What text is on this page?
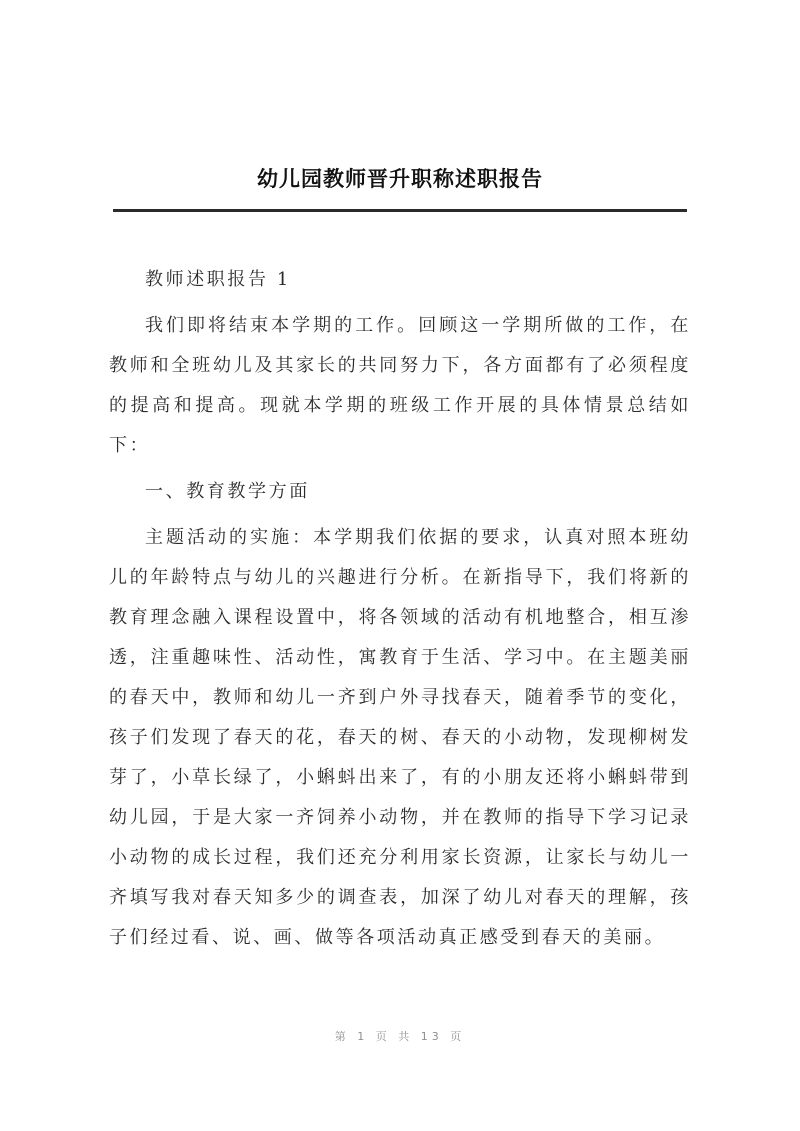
幼儿园教师晋升职称述职报告

教师述职报告 1

我们即将结束本学期的工作。回顾这一学期所做的工作，在教师和全班幼儿及其家长的共同努力下，各方面都有了必须程度的提高和提高。现就本学期的班级工作开展的具体情景总结如下：

一、教育教学方面

主题活动的实施：本学期我们依据的要求，认真对照本班幼儿的年龄特点与幼儿的兴趣进行分析。在新指导下，我们将新的教育理念融入课程设置中，将各领域的活动有机地整合，相互渗透，注重趣味性、活动性，寓教育于生活、学习中。在主题美丽的春天中，教师和幼儿一齐到户外寻找春天，随着季节的变化，孩子们发现了春天的花，春天的树、春天的小动物，发现柳树发芽了，小草长绿了，小蝌蚪出来了，有的小朋友还将小蝌蚪带到幼儿园，于是大家一齐饲养小动物，并在教师的指导下学习记录小动物的成长过程，我们还充分利用家长资源，让家长与幼儿一齐填写我对春天知多少的调查表，加深了幼儿对春天的理解，孩子们经过看、说、画、做等各项活动真正感受到春天的美丽。

第 1 页 共 13 页
